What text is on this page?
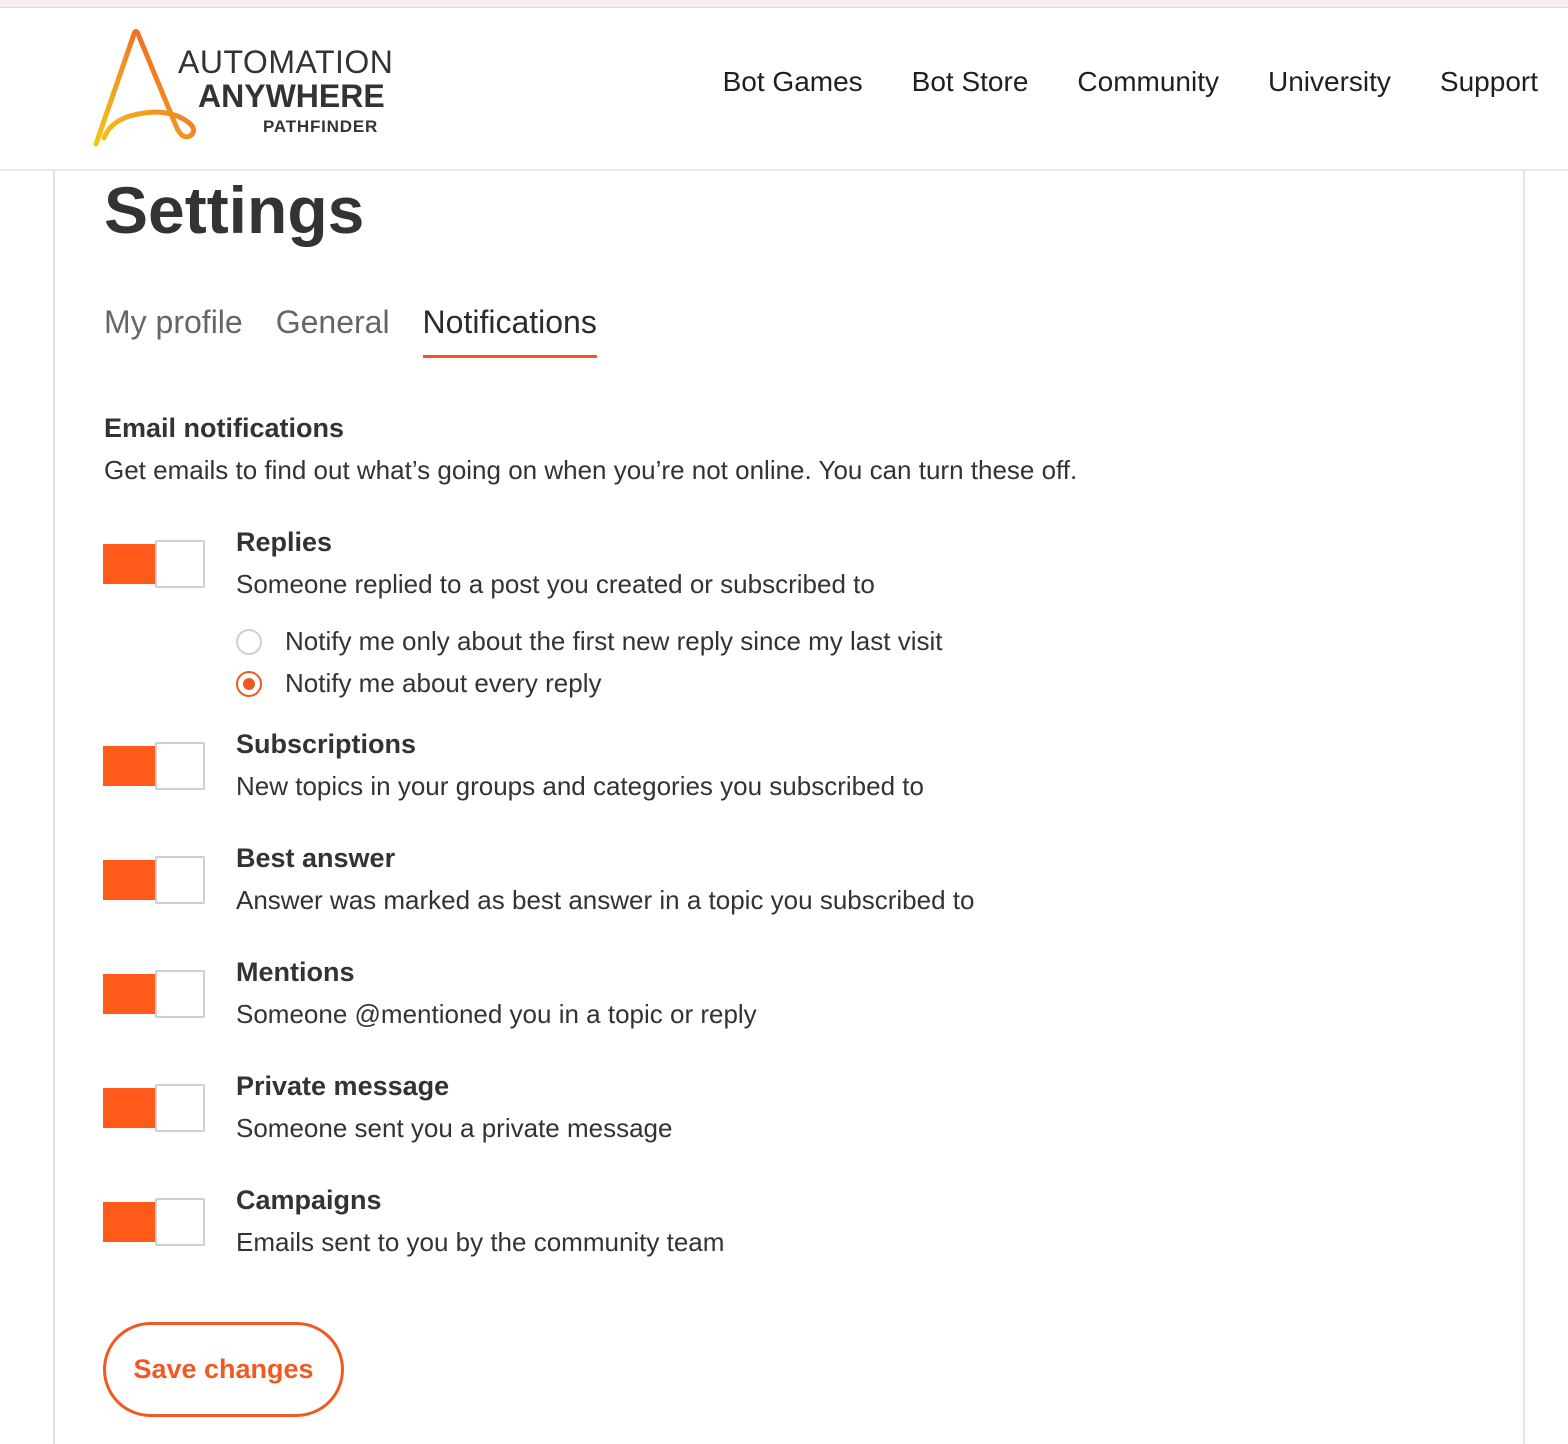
AUTOMATION
ANYWHERE
PATHFINDER
Bot Games Bot Store Community University Support
Settings
My profile General Notifications
Email notifications
Get emails to find out what’s going on when you’re not online. You can turn these off.
Replies
Someone replied to a post you created or subscribed to
Notify me only about the first new reply since my last visit
Notify me about every reply
Subscriptions
New topics in your groups and categories you subscribed to
Best answer
Answer was marked as best answer in a topic you subscribed to
Mentions
Someone @mentioned you in a topic or reply
Private message
Someone sent you a private message
Campaigns
Emails sent to you by the community team
Save changes
